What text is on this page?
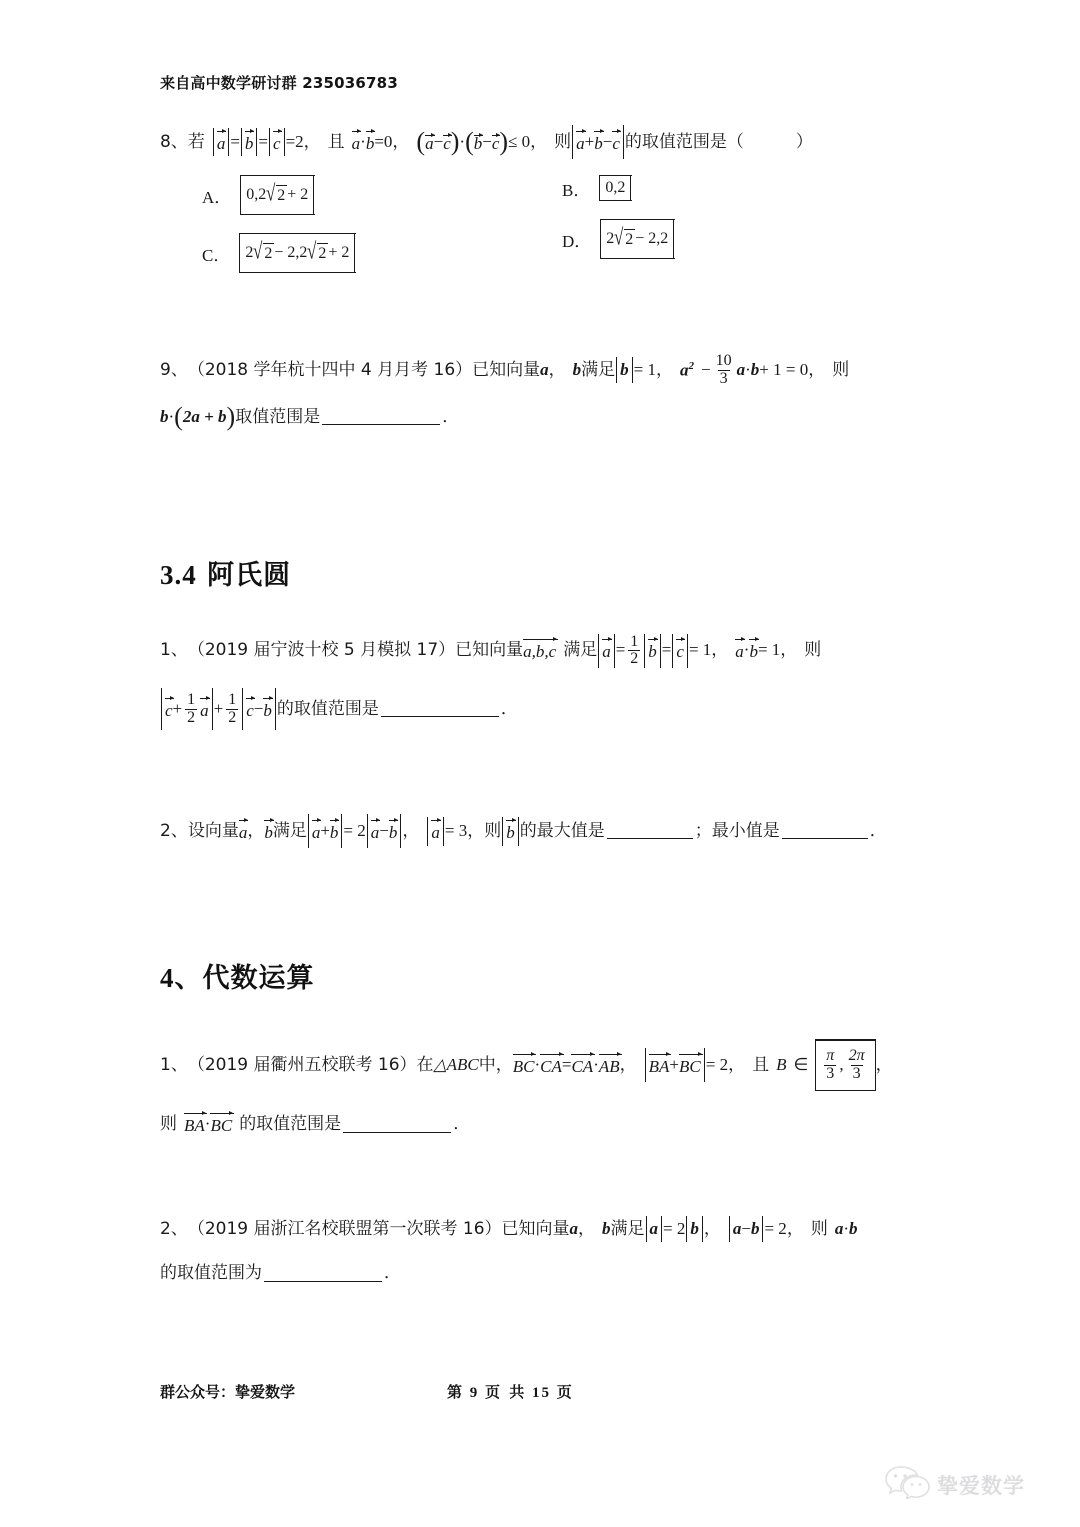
来自高中数学研讨群 235036783
8、 若 a = b = c = 2 ， 且 a · b = 0 ， ( a − c ) · ( b − c ) ≤ 0 ， 则 a + b − c 的取值范围是（	）
A． 0 , 2 √ 2 + 2
C． 2 √ 2 − 2 , 2 √ 2 + 2
B． 0 , 2
D． 2 √ 2 − 2 , 2
9、 （2018 学年杭十四中 4 月月考 16） 已知向量 a ， b 满足 b = 1 ， $a^2 - \frac{10}{3}$ a · b + 1 = 0 ， 则
b · ( 2a + b ) 取值范围是	．
3.4 阿氏圆
1、 （2019 届宁波十校 5 月模拟 17） 已知向量 a,b,c 满足 $a = \frac{1}{2}$ b = c = 1 ， a · b = 1 ， 则
$c + \frac{1}{2}$ $a + \frac{1}{2}$ c − b 的取值范围是	．
2、 设向量 a ， b 满足 a + b = 2 a − b ， a = 3 ， 则 b 的最大值是	； 最小值是	．
4、代数运算
1、 （2019 届衢州五校联考 16） 在 △ABC 中， BC · CA = CA · AB ， BA + BC = 2 ， 且 B ∈ $\frac{\pi}{3}$ , $\frac{2\pi}{3}$ ，
则 BA · BC 的取值范围是	．
2、 （2019 届浙江名校联盟第一次联考 16） 已知向量 a ， b 满足 a = 2 b ， a − b = 2 ， 则 a · b
的取值范围为	．
群公众号：挚爱数学	第 9 页 共 15 页
挚爱数学
